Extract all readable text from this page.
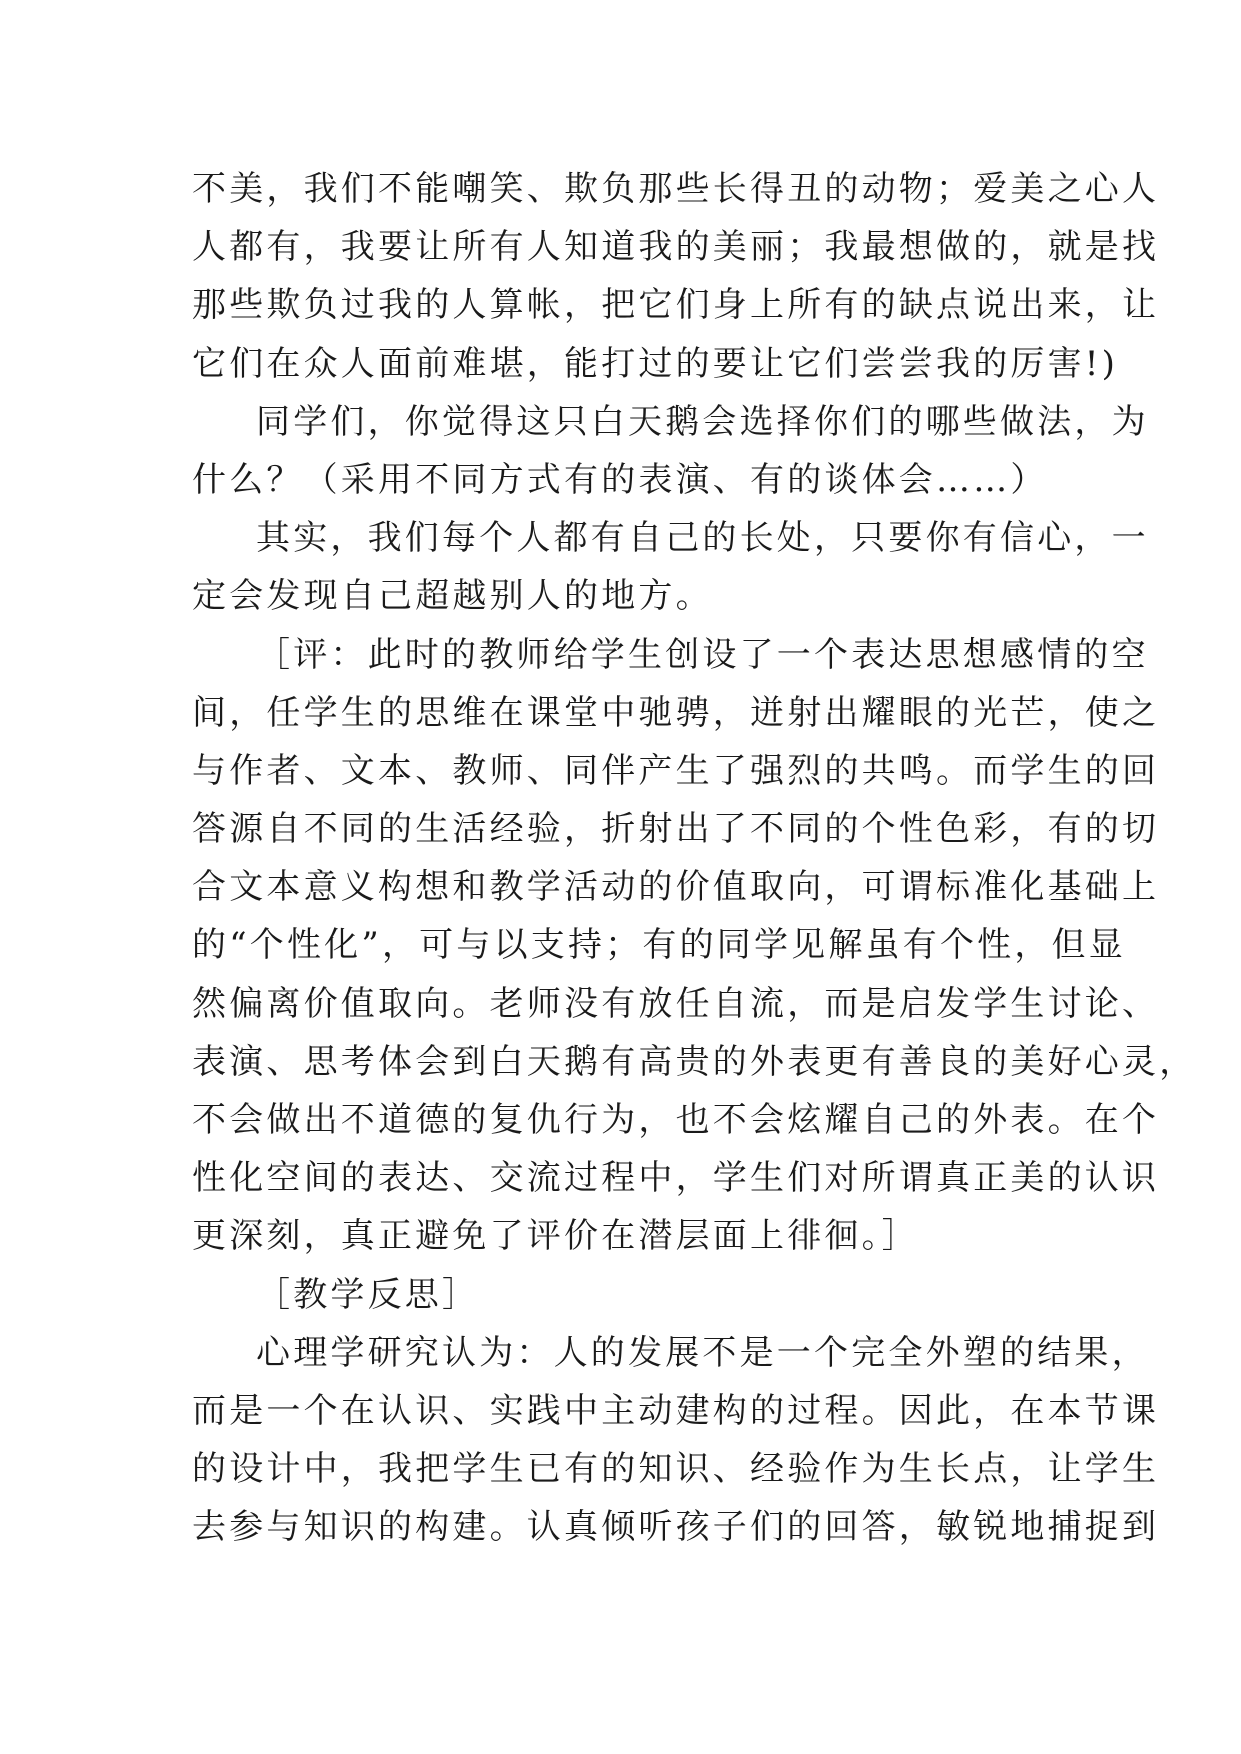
不美，我们不能嘲笑、欺负那些长得丑的动物；爱美之心人
人都有，我要让所有人知道我的美丽；我最想做的，就是找
那些欺负过我的人算帐，把它们身上所有的缺点说出来，让
它们在众人面前难堪，能打过的要让它们尝尝我的厉害!)
同学们，你觉得这只白天鹅会选择你们的哪些做法，为
什么？（采用不同方式有的表演、有的谈体会……）
其实，我们每个人都有自己的长处，只要你有信心，一
定会发现自己超越别人的地方。
［评：此时的教师给学生创设了一个表达思想感情的空
间，任学生的思维在课堂中驰骋，迸射出耀眼的光芒，使之
与作者、文本、教师、同伴产生了强烈的共鸣。而学生的回
答源自不同的生活经验，折射出了不同的个性色彩，有的切
合文本意义构想和教学活动的价值取向，可谓标准化基础上
的“个性化”，可与以支持；有的同学见解虽有个性，但显
然偏离价值取向。老师没有放任自流，而是启发学生讨论、
表演、思考体会到白天鹅有高贵的外表更有善良的美好心灵，
不会做出不道德的复仇行为，也不会炫耀自己的外表。在个
性化空间的表达、交流过程中，学生们对所谓真正美的认识
更深刻，真正避免了评价在潜层面上徘徊。］
［教学反思］
心理学研究认为：人的发展不是一个完全外塑的结果，
而是一个在认识、实践中主动建构的过程。因此，在本节课
的设计中，我把学生已有的知识、经验作为生长点，让学生
去参与知识的构建。认真倾听孩子们的回答，敏锐地捕捉到
